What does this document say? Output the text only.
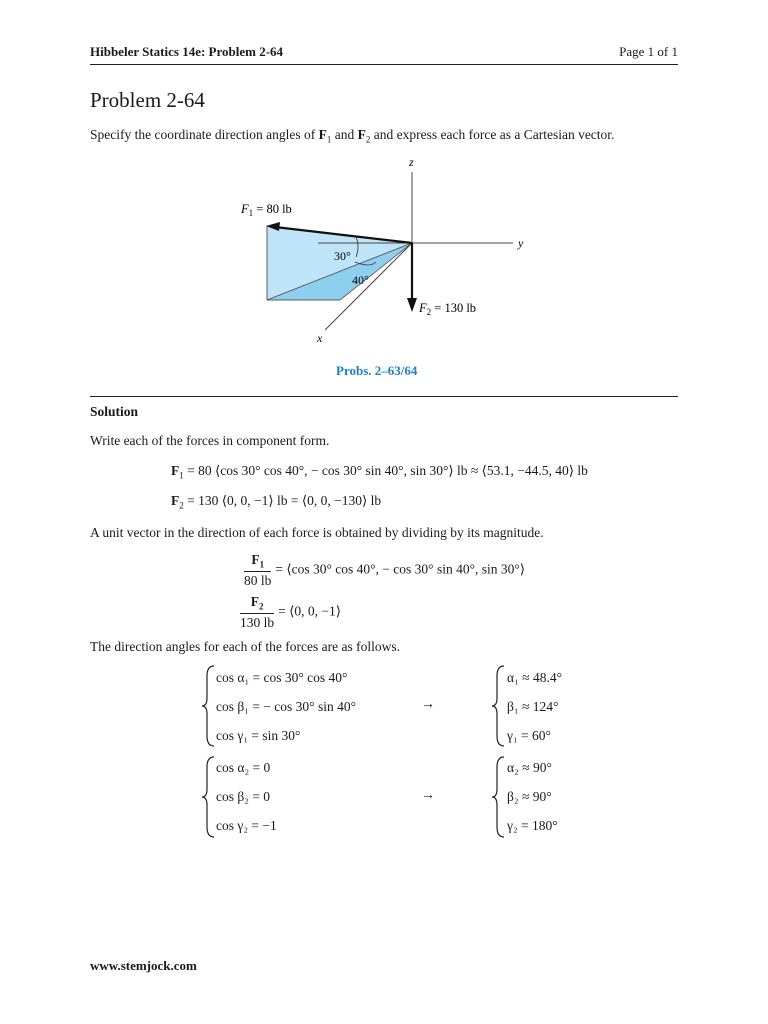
Hibbeler Statics 14e: Problem 2-64	Page 1 of 1
Problem 2-64
Specify the coordinate direction angles of $F_1$ and $F_2$ and express each force as a Cartesian vector.
z
y
x
30°
40°
$F_1 = 80$ lb
$F_2 = 130$ lb
Probs. 2–63/64
Solution
Write each of the forces in component form.
$F_1 = 80$ ⟨cos 30° cos 40°, − cos 30° sin 40°, sin 30°⟩ lb ≈ ⟨53.1, −44.5, 40⟩ lb
$F_2 = 130$ ⟨0, 0, −1⟩ lb = ⟨0, 0, −130⟩ lb
A unit vector in the direction of each force is obtained by dividing by its magnitude.
$\frac{F_1}{80 lb}$ = ⟨cos 30° cos 40°, − cos 30° sin 40°, sin 30°⟩
$\frac{F_2}{130 lb}$ = ⟨0, 0, −1⟩
The direction angles for each of the forces are as follows.
cos α₁ = cos 30° cos 40°
cos β₁ = − cos 30° sin 40°
cos γ₁ = sin 30°
→
α₁ ≈ 48.4°
β₁ ≈ 124°
γ₁ = 60°
cos α₂ = 0
cos β₂ = 0
cos γ₂ = −1
→
α₂ ≈ 90°
β₂ ≈ 90°
γ₂ = 180°
www.stemjock.com
